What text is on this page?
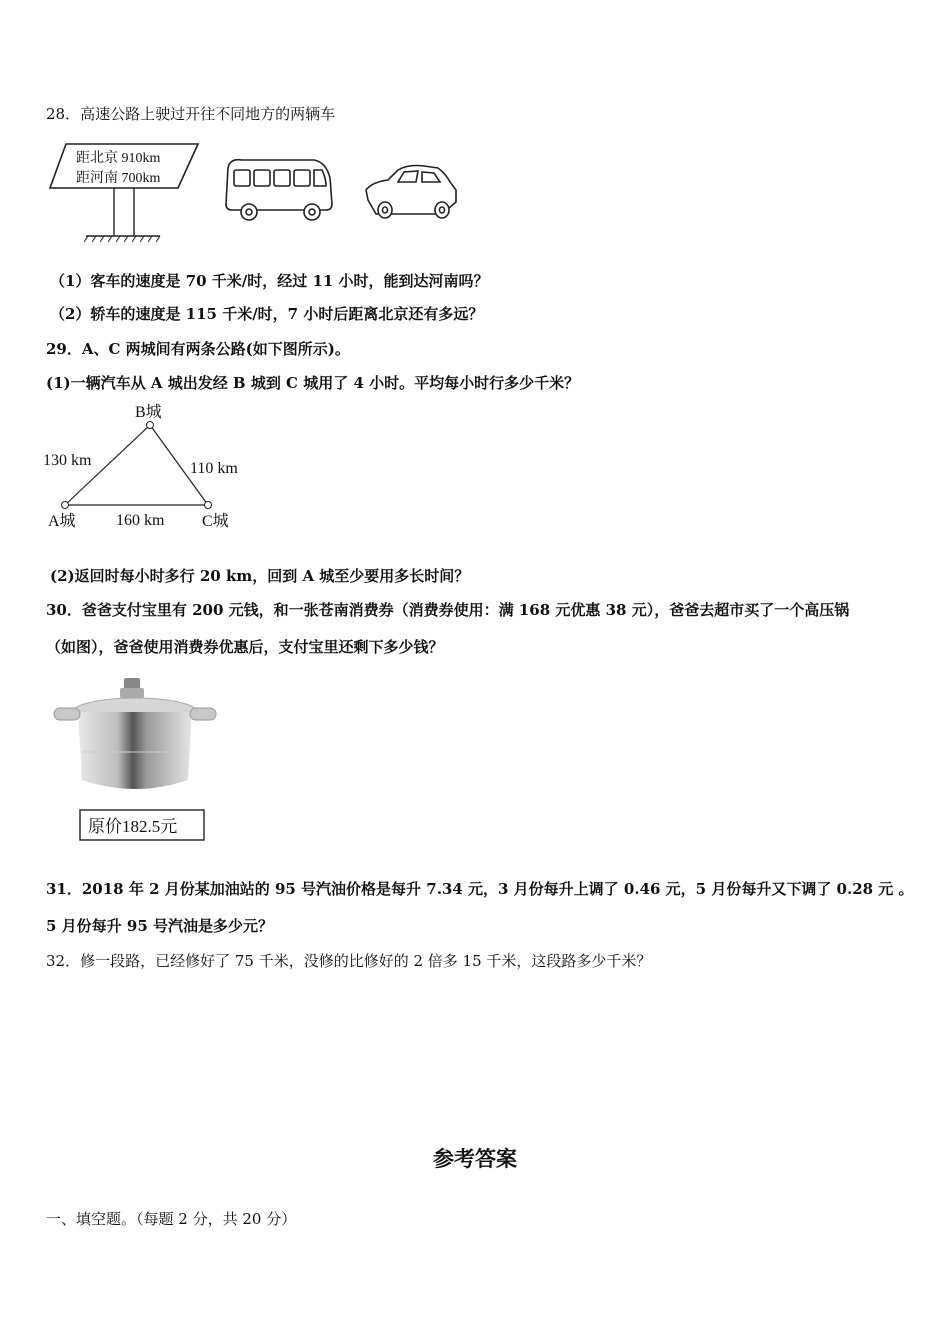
28．高速公路上驶过开往不同地方的两辆车
距北京 910km
距河南 700km
（1）客车的速度是 70 千米/时，经过 11 小时，能到达河南吗？
（2）轿车的速度是 115 千米/时，7 小时后距离北京还有多远？
29．A、C 两城间有两条公路(如下图所示)。
(1)一辆汽车从 A 城出发经 B 城到 C 城用了 4 小时。平均每小时行多少千米？
B城
A城	C城
130 km	110 km
160 km
(2)返回时每小时多行 20 km，回到 A 城至少要用多长时间？
30．爸爸支付宝里有 200 元钱，和一张苍南消费券（消费券使用：满 168 元优惠 38 元），爸爸去超市买了一个高压锅
（如图），爸爸使用消费券优惠后，支付宝里还剩下多少钱？
原价182.5元
31．2018 年 2 月份某加油站的 95 号汽油价格是每升 7.34 元，3 月份每升上调了 0.46 元，5 月份每升又下调了 0.28 元 。
5 月份每升 95 号汽油是多少元？
32．修一段路，已经修好了 75 千米，没修的比修好的 2 倍多 15 千米，这段路多少千米？
参考答案
一、填空题。（每题 2 分，共 20 分）
